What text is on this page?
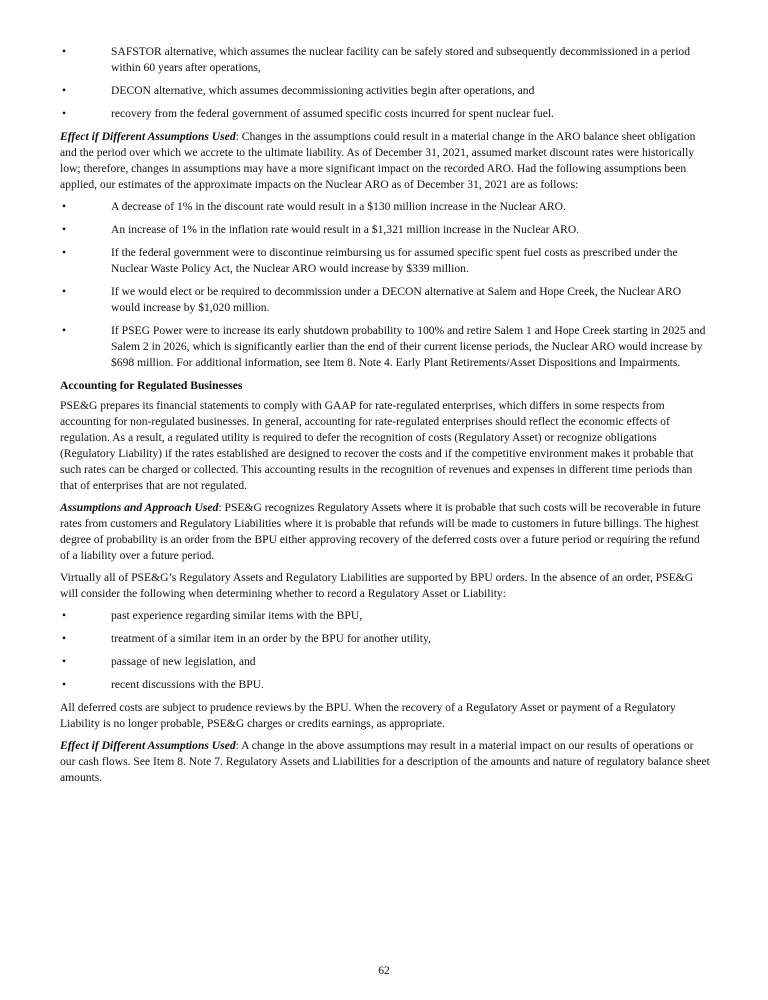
•	SAFSTOR alternative, which assumes the nuclear facility can be safely stored and subsequently decommissioned in a period within 60 years after operations,
•	DECON alternative, which assumes decommissioning activities begin after operations, and
•	recovery from the federal government of assumed specific costs incurred for spent nuclear fuel.

Effect if Different Assumptions Used: Changes in the assumptions could result in a material change in the ARO balance sheet obligation and the period over which we accrete to the ultimate liability. As of December 31, 2021, assumed market discount rates were historically low; therefore, changes in assumptions may have a more significant impact on the recorded ARO. Had the following assumptions been applied, our estimates of the approximate impacts on the Nuclear ARO as of December 31, 2021 are as follows:

•	A decrease of 1% in the discount rate would result in a $130 million increase in the Nuclear ARO.
•	An increase of 1% in the inflation rate would result in a $1,321 million increase in the Nuclear ARO.
•	If the federal government were to discontinue reimbursing us for assumed specific spent fuel costs as prescribed under the Nuclear Waste Policy Act, the Nuclear ARO would increase by $339 million.
•	If we would elect or be required to decommission under a DECON alternative at Salem and Hope Creek, the Nuclear ARO would increase by $1,020 million.
•	If PSEG Power were to increase its early shutdown probability to 100% and retire Salem 1 and Hope Creek starting in 2025 and Salem 2 in 2026, which is significantly earlier than the end of their current license periods, the Nuclear ARO would increase by $698 million. For additional information, see Item 8. Note 4. Early Plant Retirements/Asset Dispositions and Impairments.
Accounting for Regulated Businesses

PSE&G prepares its financial statements to comply with GAAP for rate-regulated enterprises, which differs in some respects from accounting for non-regulated businesses. In general, accounting for rate-regulated enterprises should reflect the economic effects of regulation. As a result, a regulated utility is required to defer the recognition of costs (Regulatory Asset) or recognize obligations (Regulatory Liability) if the rates established are designed to recover the costs and if the competitive environment makes it probable that such rates can be charged or collected. This accounting results in the recognition of revenues and expenses in different time periods than that of enterprises that are not regulated.

Assumptions and Approach Used: PSE&G recognizes Regulatory Assets where it is probable that such costs will be recoverable in future rates from customers and Regulatory Liabilities where it is probable that refunds will be made to customers in future billings. The highest degree of probability is an order from the BPU either approving recovery of the deferred costs over a future period or requiring the refund of a liability over a future period.

Virtually all of PSE&G’s Regulatory Assets and Regulatory Liabilities are supported by BPU orders. In the absence of an order, PSE&G will consider the following when determining whether to record a Regulatory Asset or Liability:

•	past experience regarding similar items with the BPU,
•	treatment of a similar item in an order by the BPU for another utility,
•	passage of new legislation, and
•	recent discussions with the BPU.

All deferred costs are subject to prudence reviews by the BPU. When the recovery of a Regulatory Asset or payment of a Regulatory Liability is no longer probable, PSE&G charges or credits earnings, as appropriate.

Effect if Different Assumptions Used: A change in the above assumptions may result in a material impact on our results of operations or our cash flows. See Item 8. Note 7. Regulatory Assets and Liabilities for a description of the amounts and nature of regulatory balance sheet amounts.

62
